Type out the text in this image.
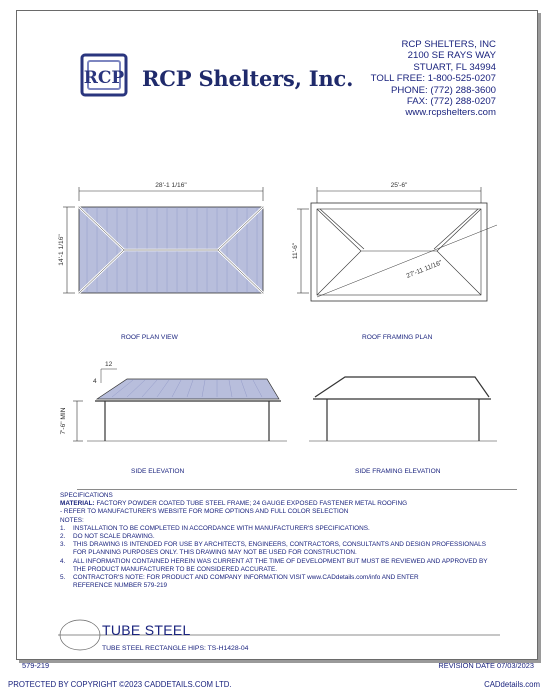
RCP RCP Shelters, Inc.
RCP SHELTERS, INC
2100 SE RAYS WAY
STUART, FL 34994
TOLL FREE: 1-800-525-0207
PHONE: (772) 288-3600
FAX: (772) 288-0207
www.rcpshelters.com
28'-1 1/16"
14'-1 1/16"
25'-6"
11'-6"
27'-11 11/16"
7'-6" MIN
4
12
ROOF PLAN VIEW	ROOF FRAMING PLAN
SIDE ELEVATION	SIDE FRAMING ELEVATION
SPECIFICATIONS
MATERIAL: FACTORY POWDER COATED TUBE STEEL FRAME; 24 GAUGE EXPOSED FASTENER METAL ROOFING
- REFER TO MANUFACTURER'S WEBSITE FOR MORE OPTIONS AND FULL COLOR SELECTION
NOTES:
1. INSTALLATION TO BE COMPLETED IN ACCORDANCE WITH MANUFACTURER'S SPECIFICATIONS.
2. DO NOT SCALE DRAWING.
3. THIS DRAWING IS INTENDED FOR USE BY ARCHITECTS, ENGINEERS, CONTRACTORS, CONSULTANTS AND DESIGN PROFESSIONALS
FOR PLANNING PURPOSES ONLY. THIS DRAWING MAY NOT BE USED FOR CONSTRUCTION.
4. ALL INFORMATION CONTAINED HEREIN WAS CURRENT AT THE TIME OF DEVELOPMENT BUT MUST BE REVIEWED AND APPROVED BY
THE PRODUCT MANUFACTURER TO BE CONSIDERED ACCURATE.
5. CONTRACTOR'S NOTE: FOR PRODUCT AND COMPANY INFORMATION VISIT www.CADdetails.com/info AND ENTER
REFERENCE NUMBER 579-219
TUBE STEEL
TUBE STEEL RECTANGLE HIPS: TS-H1428-04
579-219	REVISION DATE 07/03/2023
PROTECTED BY COPYRIGHT ©2023 CADDETAILS.COM LTD.	CADdetails.com
